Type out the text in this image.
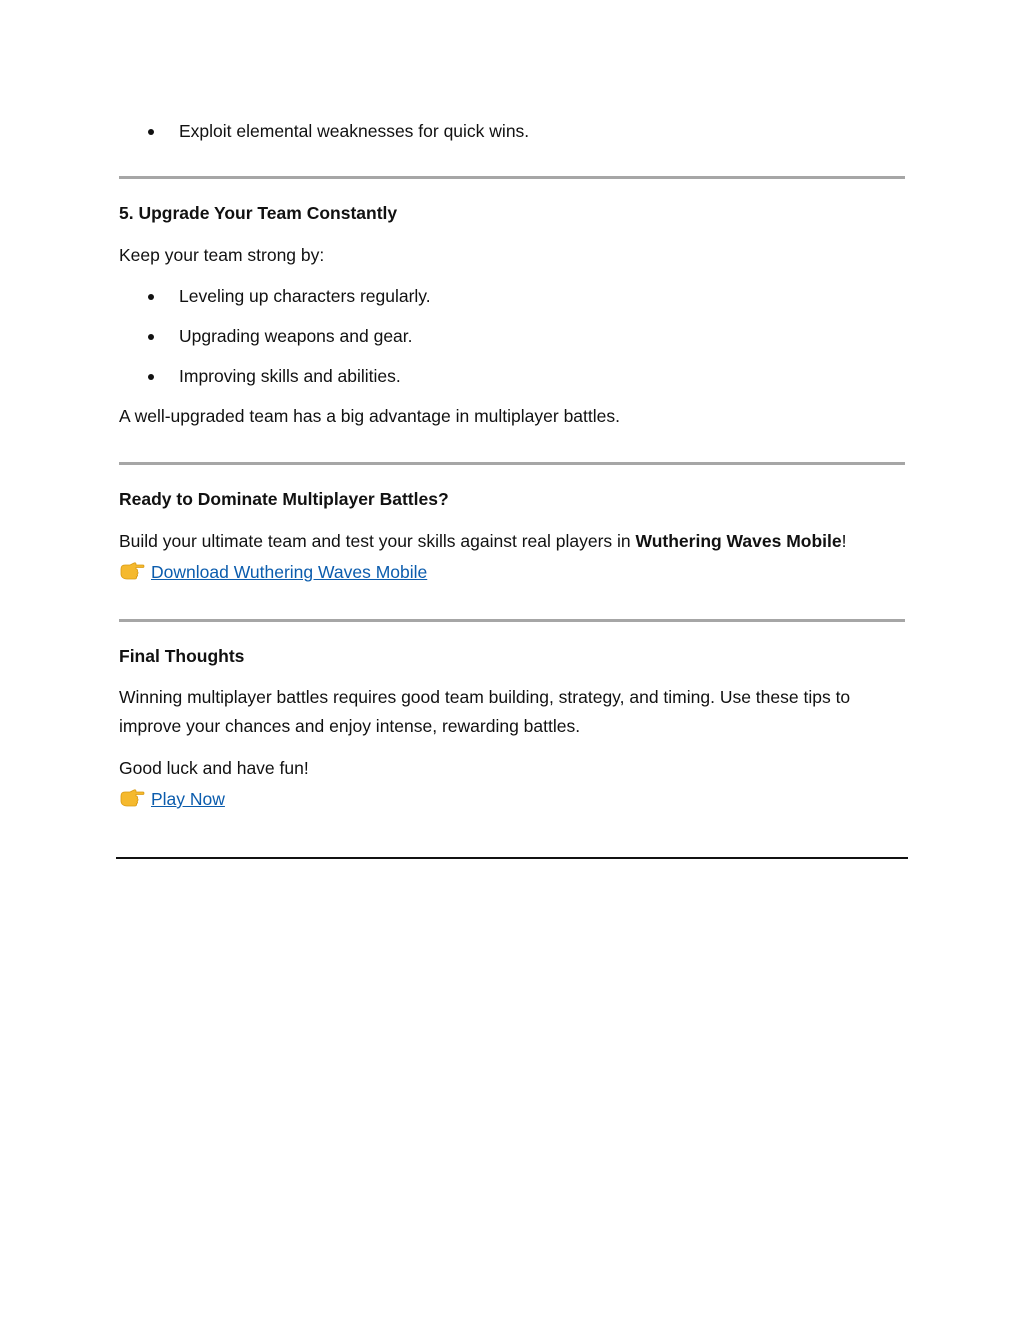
Exploit elemental weaknesses for quick wins.
5. Upgrade Your Team Constantly
Keep your team strong by:
Leveling up characters regularly.
Upgrading weapons and gear.
Improving skills and abilities.
A well-upgraded team has a big advantage in multiplayer battles.
Ready to Dominate Multiplayer Battles?
Build your ultimate team and test your skills against real players in Wuthering Waves Mobile!
Download Wuthering Waves Mobile
Final Thoughts
Winning multiplayer battles requires good team building, strategy, and timing. Use these tips to improve your chances and enjoy intense, rewarding battles.
Good luck and have fun!
Play Now
